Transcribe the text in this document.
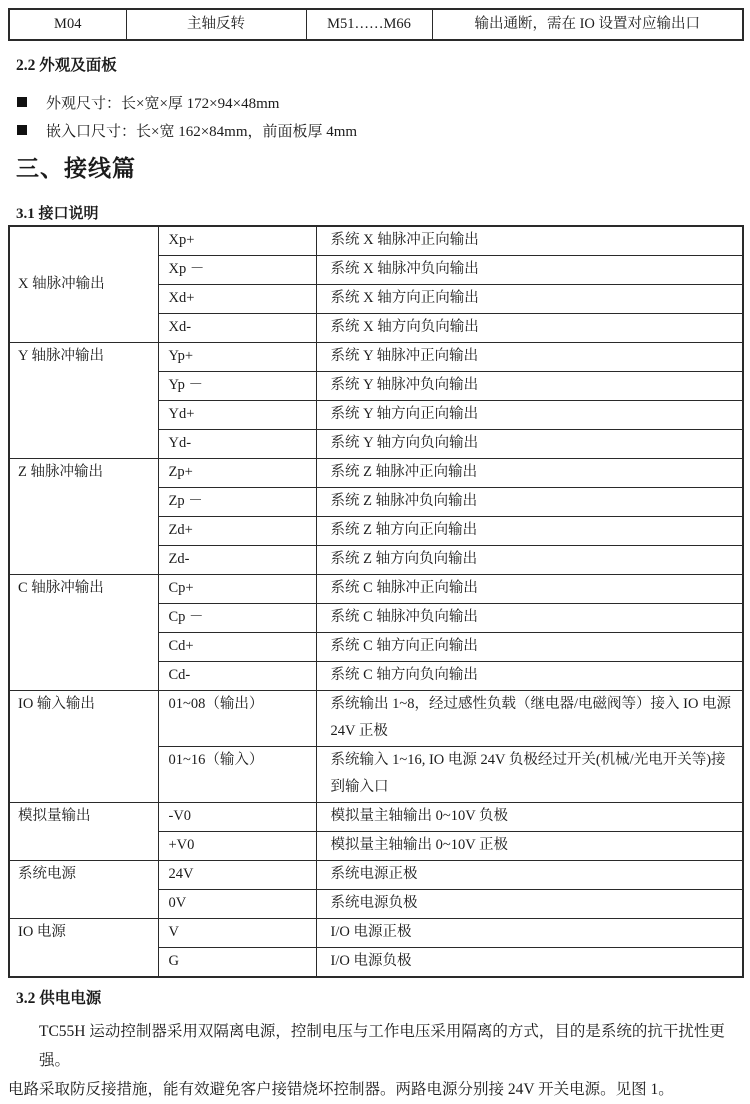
M04	主轴反转	M51……M66	输出通断，需在 IO 设置对应输出口
2.2 外观及面板
外观尺寸：长×宽×厚 172×94×48mm
嵌入口尺寸：长×宽 162×84mm，前面板厚 4mm
三、接线篇
3.1 接口说明
X 轴脉冲输出	Xp+	系统 X 轴脉冲正向输出
	Xp －	系统 X 轴脉冲负向输出
	Xd+	系统 X 轴方向正向输出
	Xd-	系统 X 轴方向负向输出
Y 轴脉冲输出	Yp+	系统 Y 轴脉冲正向输出
	Yp －	系统 Y 轴脉冲负向输出
	Yd+	系统 Y 轴方向正向输出
	Yd-	系统 Y 轴方向负向输出
Z 轴脉冲输出	Zp+	系统 Z 轴脉冲正向输出
	Zp －	系统 Z 轴脉冲负向输出
	Zd+	系统 Z 轴方向正向输出
	Zd-	系统 Z 轴方向负向输出
C 轴脉冲输出	Cp+	系统 C 轴脉冲正向输出
	Cp －	系统 C 轴脉冲负向输出
	Cd+	系统 C 轴方向正向输出
	Cd-	系统 C 轴方向负向输出
IO 输入输出	01~08（输出）	系统输出 1~8，经过感性负载（继电器/电磁阀等）接入 IO 电源 24V 正极
	01~16（输入）	系统输入 1~16, IO 电源 24V 负极经过开关(机械/光电开关等)接到输入口
模拟量输出	-V0	模拟量主轴输出 0~10V 负极
	+V0	模拟量主轴输出 0~10V 正极
系统电源	24V	系统电源正极
	0V	系统电源负极
IO 电源	V	I/O 电源正极
	G	I/O 电源负极
3.2 供电电源
TC55H 运动控制器采用双隔离电源，控制电压与工作电压采用隔离的方式，目的是系统的抗干扰性更强。
电路采取防反接措施，能有效避免客户接错烧坏控制器。两路电源分别接 24V 开关电源。见图 1。
